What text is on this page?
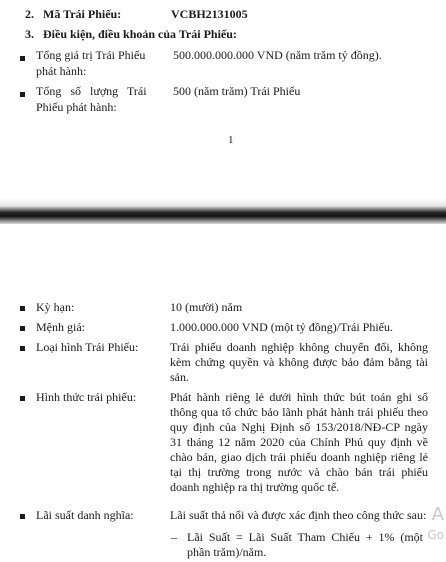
2. Mã Trái Phiếu:	VCBH2131005
3. Điều kiện, điều khoản của Trái Phiếu:
Tổng giá trị Trái Phiếu
phát hành:
500.000.000.000 VND (năm trăm tỷ đồng).
Tổng số lượng Trái
Phiếu phát hành:
500 (năm trăm) Trái Phiếu
1
Kỳ hạn:	10 (mười) năm
Mệnh giá:	1.000.000.000 VND (một tỷ đồng)/Trái Phiếu.
Loại hình Trái Phiếu:	Trái phiếu doanh nghiệp không chuyển đổi, không kèm chứng quyền và không được bảo đảm bằng tài sản.
Hình thức trái phiếu:	Phát hành riêng lẻ dưới hình thức bút toán ghi sổ thông qua tổ chức bảo lãnh phát hành trái phiếu theo quy định của Nghị Định số 153/2018/NĐ-CP ngày 31 tháng 12 năm 2020 của Chính Phủ quy định về chào bán, giao dịch trái phiếu doanh nghiệp riêng lẻ tại thị trường trong nước và chào bán trái phiếu doanh nghiệp ra thị trường quốc tế.
Lãi suất danh nghĩa:	Lãi suất thả nổi và được xác định theo công thức sau:
– Lãi Suất = Lãi Suất Tham Chiếu + 1% (một phần trăm)/năm.
A
Go
